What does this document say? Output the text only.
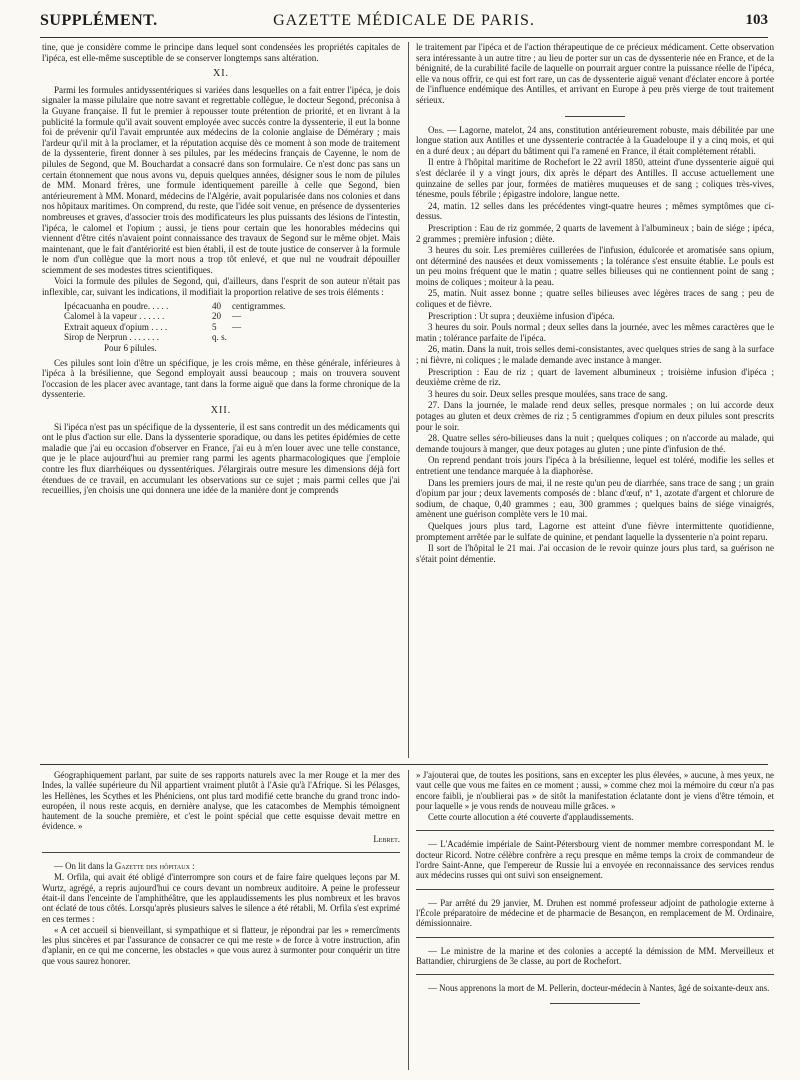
SUPPLÉMENT.	GAZETTE MÉDICALE DE PARIS.	103

tine, que je considère comme le principe dans lequel sont condensées les propriétés capitales de l'ipéca, est elle-même susceptible de se conserver longtemps sans altération.

XI.

Parmi les formules antidyssentériques si variées dans lesquelles on a fait entrer l'ipéca, je dois signaler la masse pilulaire que notre savant et regrettable collègue, le docteur Segond, préconisa à la Guyane française. Il fut le premier à repousser toute prétention de priorité, et en livrant à la publicité la formule qu'il avait souvent employée avec succès contre la dyssenterie, il eut la bonne foi de prévenir qu'il l'avait empruntée aux médecins de la colonie anglaise de Démérary ; mais l'ardeur qu'il mit à la proclamer, et la réputation acquise dès ce moment à son mode de traitement de la dyssenterie, firent donner à ses pilules, par les médecins français de Cayenne, le nom de pilules de Segond, que M. Bouchardat a consacré dans son formulaire. Ce n'est donc pas sans un certain étonnement que nous avons vu, depuis quelques années, désigner sous le nom de pilules de MM. Monard frères, une formule identiquement pareille à celle que Segond, bien antérieurement à MM. Monard, médecins de l'Algérie, avait popularisée dans nos colonies et dans nos hôpitaux maritimes. On comprend, du reste, que l'idée soit venue, en présence de dyssenteries nombreuses et graves, d'associer trois des modificateurs les plus puissants des lésions de l'intestin, l'ipéca, le calomel et l'opium ; aussi, je tiens pour certain que les honorables médecins qui viennent d'être cités n'avaient point connaissance des travaux de Segond sur le même objet. Mais maintenant, que le fait d'antériorité est bien établi, il est de toute justice de conserver à la formule le nom d'un collègue que la mort nous a trop tôt enlevé, et que nul ne voudrait dépouiller sciemment de ses modestes titres scientifiques.

Voici la formule des pilules de Segond, qui, d'ailleurs, dans l'esprit de son auteur n'était pas inflexible, car, suivant les indications, il modifiait la proportion relative de ses trois éléments :

Ipécacuanha en poudre. . . . .	40	centigrammes.
Calomel à la vapeur . . . . . .	20	—
Extrait aqueux d'opium . . . .	5	—
Sirop de Nerprun . . . . . . .	q. s.
Pour 6 pilules.

Ces pilules sont loin d'être un spécifique, je les crois même, en thèse générale, inférieures à l'ipéca à la brésilienne, que Segond employait aussi beaucoup ; mais on trouvera souvent l'occasion de les placer avec avantage, tant dans la forme aiguë que dans la forme chronique de la dyssenterie.

XII.

Si l'ipéca n'est pas un spécifique de la dyssenterie, il est sans contredit un des médicaments qui ont le plus d'action sur elle. Dans la dyssenterie sporadique, ou dans les petites épidémies de cette maladie que j'ai eu occasion d'observer en France, j'ai eu à m'en louer avec une telle constance, que je le place aujourd'hui au premier rang parmi les agents pharmacologiques que j'emploie contre les flux diarrhéiques ou dyssentériques. J'élargirais outre mesure les dimensions déjà fort étendues de ce travail, en accumulant les observations sur ce sujet ; mais parmi celles que j'ai recueillies, j'en choisis une qui donnera une idée de la manière dont je comprends

le traitement par l'ipéca et de l'action thérapeutique de ce précieux médicament. Cette observation sera intéressante à un autre titre ; au lieu de porter sur un cas de dyssenterie née en France, et de la bénignité, de la curabilité facile de laquelle on pourrait arguer contre la puissance réelle de l'ipéca, elle va nous offrir, ce qui est fort rare, un cas de dyssenterie aiguë venant d'éclater encore à portée de l'influence endémique des Antilles, et arrivant en Europe à peu près vierge de tout traitement sérieux.

Obs. — Lagorne, matelot, 24 ans, constitution antérieurement robuste, mais débilitée par une longue station aux Antilles et une dyssenterie contractée à la Guadeloupe il y a cinq mois, et qui en a duré deux ; au départ du bâtiment qui l'a ramené en France, il était complétement rétabli.

Il entre à l'hôpital maritime de Rochefort le 22 avril 1850, atteint d'une dyssenterie aiguë qui s'est déclarée il y a vingt jours, dix après le départ des Antilles. Il accuse actuellement une quinzaine de selles par jour, formées de matières muqueuses et de sang ; coliques très-vives, ténesme, pouls fébrile ; épigastre indolore, langue nette.

24, matin. 12 selles dans les précédentes vingt-quatre heures ; mêmes symptômes que ci-dessus.

Prescription : Eau de riz gommée, 2 quarts de lavement à l'albumineux ; bain de siége ; ipéca, 2 grammes ; première infusion ; diète.

3 heures du soir. Les premières cuillerées de l'infusion, édulcorée et aromatisée sans opium, ont déterminé des nausées et deux vomissements ; la tolérance s'est ensuite établie. Le pouls est un peu moins fréquent que le matin ; quatre selles bilieuses qui ne contiennent point de sang ; moins de coliques ; moiteur à la peau.

25, matin. Nuit assez bonne ; quatre selles bilieuses avec légères traces de sang ; peu de coliques et de fièvre.

Prescription : Ut supra ; deuxième infusion d'ipéca.

3 heures du soir. Pouls normal ; deux selles dans la journée, avec les mêmes caractères que le matin ; tolérance parfaite de l'ipéca.

26, matin. Dans la nuit, trois selles demi-consistantes, avec quelques stries de sang à la surface ; ni fièvre, ni coliques ; le malade demande avec instance à manger.

Prescription : Eau de riz ; quart de lavement albumineux ; troisième infusion d'ipéca ; deuxième crème de riz.

3 heures du soir. Deux selles presque moulées, sans trace de sang.

27. Dans la journée, le malade rend deux selles, presque normales ; on lui accorde deux potages au gluten et deux crèmes de riz ; 5 centigrammes d'opium en deux pilules sont prescrits pour le soir.

28. Quatre selles séro-bilieuses dans la nuit ; quelques coliques ; on n'accorde au malade, qui demande toujours à manger, que deux potages au gluten ; une pinte d'infusion de thé.

On reprend pendant trois jours l'ipéca à la brésilienne, lequel est toléré, modifie les selles et entretient une tendance marquée à la diaphorèse.

Dans les premiers jours de mai, il ne reste qu'un peu de diarrhée, sans trace de sang ; un grain d'opium par jour ; deux lavements composés de : blanc d'œuf, nº 1, azotate d'argent et chlorure de sodium, de chaque, 0,40 grammes ; eau, 300 grammes ; quelques bains de siége vinaigrés, amènent une guérison complète vers le 10 mai.

Quelques jours plus tard, Lagorne est atteint d'une fièvre intermittente quotidienne, promptement arrêtée par le sulfate de quinine, et pendant laquelle la dyssenterie n'a point reparu.

Il sort de l'hôpital le 21 mai. J'ai occasion de le revoir quinze jours plus tard, sa guérison ne s'était point démentie.

Géographiquement parlant, par suite de ses rapports naturels avec la mer Rouge et la mer des Indes, la vallée supérieure du Nil appartient vraiment plutôt à l'Asie qu'à l'Afrique. Si les Pélasges, les Hellènes, les Scythes et les Phéniciens, ont plus tard modifié cette branche du grand tronc indo-européen, il nous reste acquis, en dernière analyse, que les catacombes de Memphis témoignent hautement de la souche première, et c'est le point spécial que cette esquisse devait mettre en évidence. »

Lebret.

— On lit dans la Gazette des hôpitaux :

M. Orfila, qui avait été obligé d'interrompre son cours et de faire faire quelques leçons par M. Wurtz, agrégé, a repris aujourd'hui ce cours devant un nombreux auditoire. A peine le professeur était-il dans l'enceinte de l'amphithéâtre, que les applaudissements les plus nombreux et les bravos ont éclaté de tous côtés. Lorsqu'après plusieurs salves le silence a été rétabli, M. Orfila s'est exprimé en ces termes :

« A cet accueil si bienveillant, si sympathique et si flatteur, je répondrai par les » remercîments les plus sincères et par l'assurance de consacrer ce qui me reste » de force à votre instruction, afin d'aplanir, en ce qui me concerne, les obstacles » que vous aurez à surmonter pour conquérir un titre que vous saurez honorer.

» J'ajouterai que, de toutes les positions, sans en excepter les plus élevées, » aucune, à mes yeux, ne vaut celle que vous me faites en ce moment ; aussi, » comme chez moi la mémoire du cœur n'a pas encore faibli, je n'oublierai pas » de sitôt la manifestation éclatante dont je viens d'être témoin, et pour laquelle » je vous rends de nouveau mille grâces. »

Cette courte allocution a été couverte d'applaudissements.

— L'Académie impériale de Saint-Pétersbourg vient de nommer membre correspondant M. le docteur Ricord. Notre célèbre confrère a reçu presque en même temps la croix de commandeur de l'ordre Saint-Anne, que l'empereur de Russie lui a envoyée en reconnaissance des services rendus aux médecins russes qui ont suivi son enseignement.

— Par arrêté du 29 janvier, M. Druhen est nommé professeur adjoint de pathologie externe à l'École préparatoire de médecine et de pharmacie de Besançon, en remplacement de M. Ordinaire, démissionnaire.

— Le ministre de la marine et des colonies a accepté la démission de MM. Merveilleux et Battandier, chirurgiens de 3e classe, au port de Rochefort.

— Nous apprenons la mort de M. Pellerin, docteur-médecin à Nantes, âgé de soixante-deux ans.
